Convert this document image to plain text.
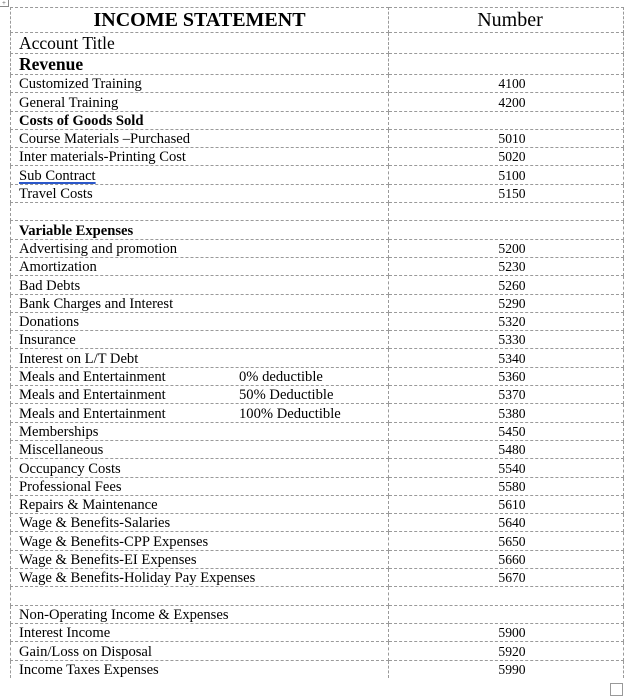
+
INCOME STATEMENT	Number
Account Title	
Revenue	

Customized Training	4100

General Training	4200

Costs of Goods Sold	

Course Materials –Purchased	5010

Inter materials-Printing Cost	5020

Sub Contract	5100

Travel Costs	5150

Variable Expenses	

Advertising and promotion	5200

Amortization	5230

Bad Debts	5260

Bank Charges and Interest	5290

Donations	5320

Insurance	5330

Interest on L/T Debt	5340

Meals and Entertainment 0% deductible	5360

Meals and Entertainment 50% Deductible	5370

Meals and Entertainment 100% Deductible	5380

Memberships	5450

Miscellaneous	5480

Occupancy Costs	5540

Professional Fees	5580

Repairs & Maintenance	5610

Wage & Benefits-Salaries	5640

Wage & Benefits-CPP Expenses	5650

Wage & Benefits-EI Expenses	5660

Wage & Benefits-Holiday Pay Expenses	5670

Non-Operating Income & Expenses	

Interest Income	5900

Gain/Loss on Disposal	5920

Income Taxes Expenses	5990
